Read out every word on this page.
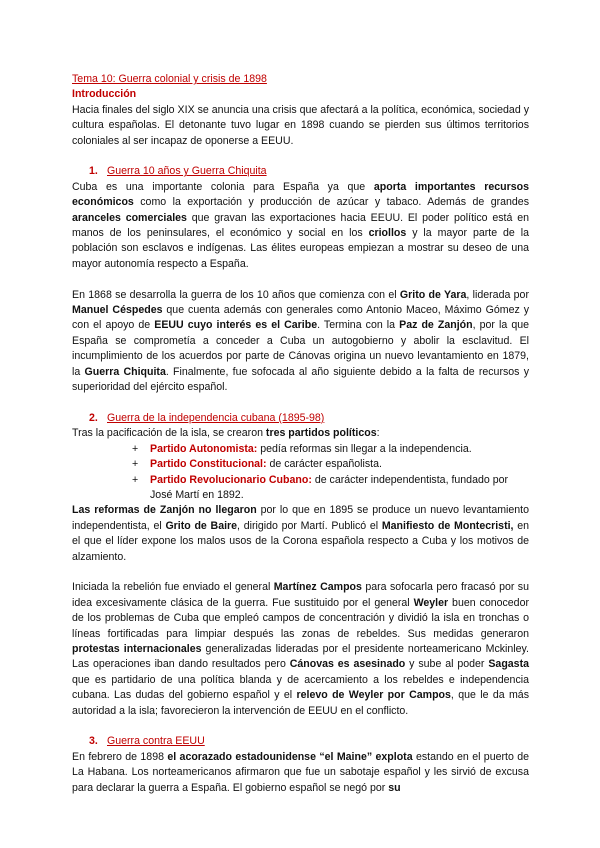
Tema 10: Guerra colonial y crisis de 1898

Introducción

Hacia finales del siglo XIX se anuncia una crisis que afectará a la política, económica, sociedad y cultura españolas. El detonante tuvo lugar en 1898 cuando se pierden sus últimos territorios coloniales al ser incapaz de oponerse a EEUU.

1. Guerra 10 años y Guerra Chiquita

Cuba es una importante colonia para España ya que aporta importantes recursos económicos como la exportación y producción de azúcar y tabaco. Además de grandes aranceles comerciales que gravan las exportaciones hacia EEUU. El poder político está en manos de los peninsulares, el económico y social en los criollos y la mayor parte de la población son esclavos e indígenas. Las élites europeas empiezan a mostrar su deseo de una mayor autonomía respecto a España.

En 1868 se desarrolla la guerra de los 10 años que comienza con el Grito de Yara, liderada por Manuel Céspedes que cuenta además con generales como Antonio Maceo, Máximo Gómez y con el apoyo de EEUU cuyo interés es el Caribe. Termina con la Paz de Zanjón, por la que España se comprometía a conceder a Cuba un autogobierno y abolir la esclavitud. El incumplimiento de los acuerdos por parte de Cánovas origina un nuevo levantamiento en 1879, la Guerra Chiquita. Finalmente, fue sofocada al año siguiente debido a la falta de recursos y superioridad del ejército español.

2. Guerra de la independencia cubana (1895-98)

Tras la pacificación de la isla, se crearon tres partidos políticos:

+ Partido Autonomista: pedía reformas sin llegar a la independencia.
+ Partido Constitucional: de carácter españolista.
+ Partido Revolucionario Cubano: de carácter independentista, fundado por José Martí en 1892.

Las reformas de Zanjón no llegaron por lo que en 1895 se produce un nuevo levantamiento independentista, el Grito de Baire, dirigido por Martí. Publicó el Manifiesto de Montecristi, en el que el líder expone los malos usos de la Corona española respecto a Cuba y los motivos de alzamiento.

Iniciada la rebelión fue enviado el general Martínez Campos para sofocarla pero fracasó por su idea excesivamente clásica de la guerra. Fue sustituido por el general Weyler buen conocedor de los problemas de Cuba que empleó campos de concentración y dividió la isla en tronchas o líneas fortificadas para limpiar después las zonas de rebeldes. Sus medidas generaron protestas internacionales generalizadas lideradas por el presidente norteamericano Mckinley. Las operaciones iban dando resultados pero Cánovas es asesinado y sube al poder Sagasta que es partidario de una política blanda y de acercamiento a los rebeldes e independencia cubana. Las dudas del gobierno español y el relevo de Weyler por Campos, que le da más autoridad a la isla; favorecieron la intervención de EEUU en el conflicto.

3. Guerra contra EEUU

En febrero de 1898 el acorazado estadounidense “el Maine” explota estando en el puerto de La Habana. Los norteamericanos afirmaron que fue un sabotaje español y les sirvió de excusa para declarar la guerra a España. El gobierno español se negó por su
